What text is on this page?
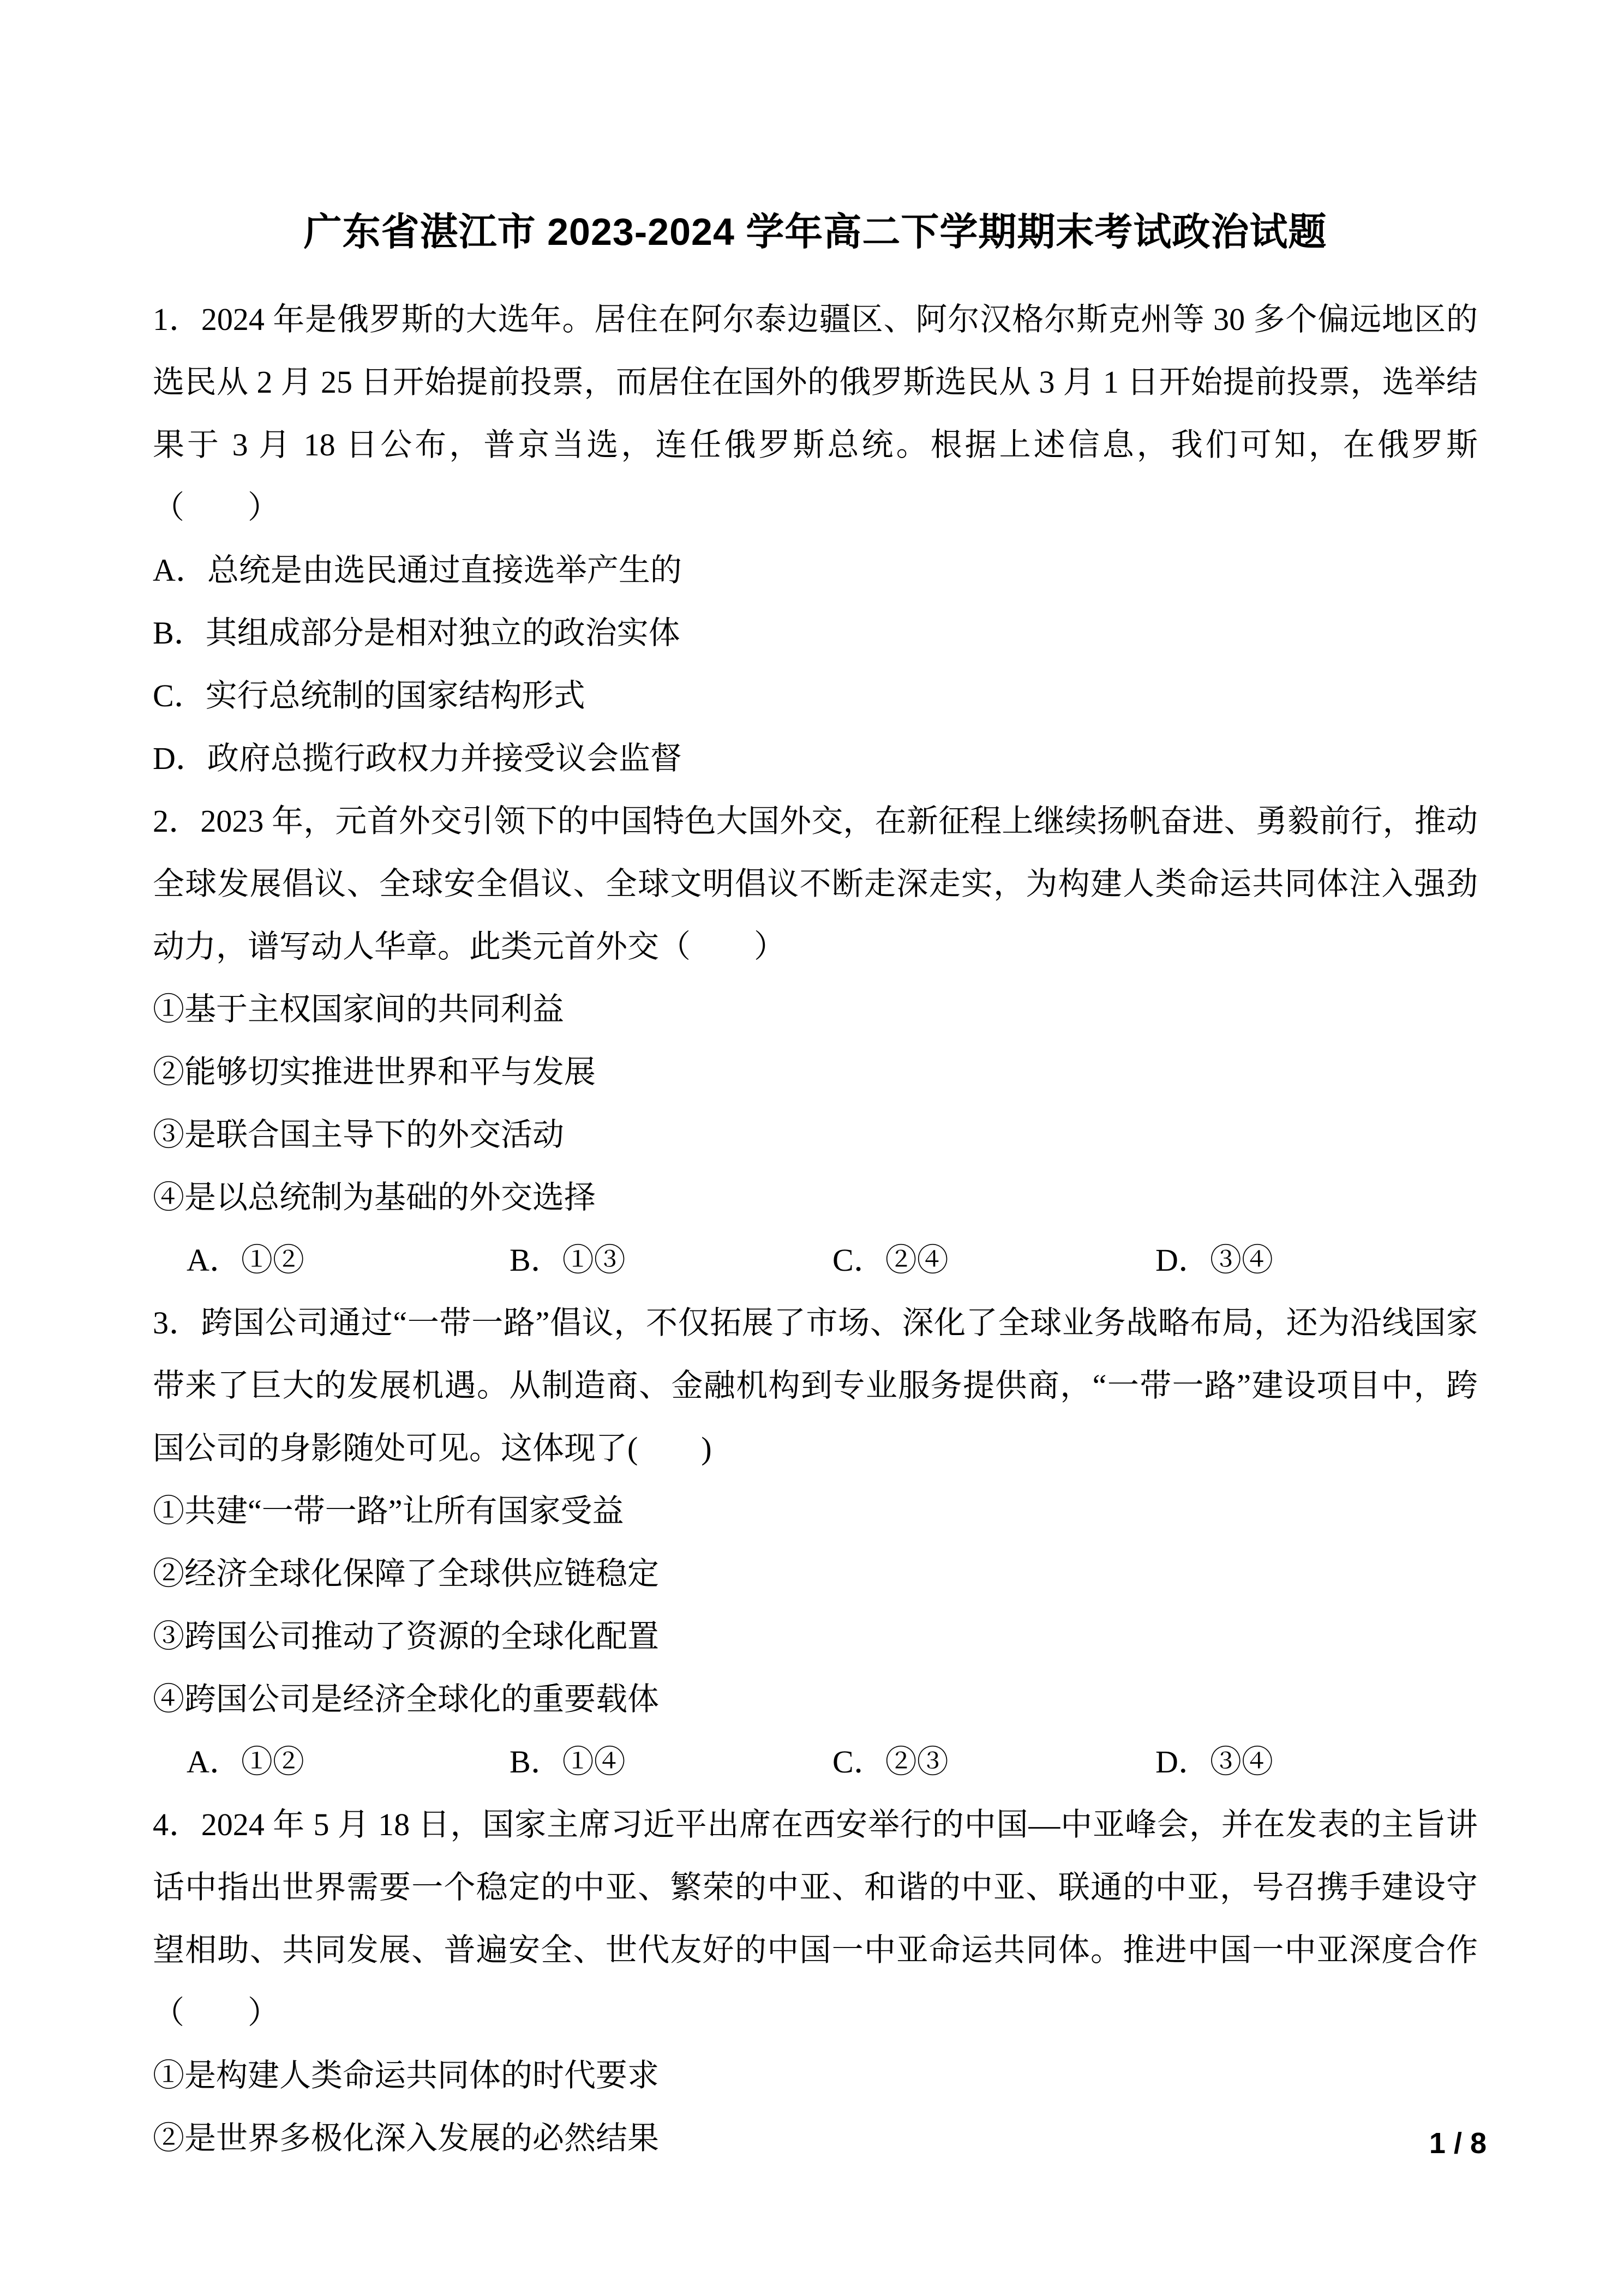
广东省湛江市 2023-2024 学年高二下学期期末考试政治试题

1．2024 年是俄罗斯的大选年。居住在阿尔泰边疆区、阿尔汉格尔斯克州等 30 多个偏远地区的选民从 2 月 25 日开始提前投票，而居住在国外的俄罗斯选民从 3 月 1 日开始提前投票，选举结果于 3 月 18 日公布，普京当选，连任俄罗斯总统。根据上述信息，我们可知，在俄罗斯（　　）

A．总统是由选民通过直接选举产生的

B．其组成部分是相对独立的政治实体

C．实行总统制的国家结构形式

D．政府总揽行政权力并接受议会监督

2．2023 年，元首外交引领下的中国特色大国外交，在新征程上继续扬帆奋进、勇毅前行，推动全球发展倡议、全球安全倡议、全球文明倡议不断走深走实，为构建人类命运共同体注入强劲动力，谱写动人华章。此类元首外交（　　）

①基于主权国家间的共同利益

②能够切实推进世界和平与发展

③是联合国主导下的外交活动

④是以总统制为基础的外交选择

A．①②	B．①③	C．②④	D．③④

3．跨国公司通过“一带一路”倡议，不仅拓展了市场、深化了全球业务战略布局，还为沿线国家带来了巨大的发展机遇。从制造商、金融机构到专业服务提供商，“一带一路”建设项目中，跨国公司的身影随处可见。这体现了(　　)

①共建“一带一路”让所有国家受益

②经济全球化保障了全球供应链稳定

③跨国公司推动了资源的全球化配置

④跨国公司是经济全球化的重要载体

A．①②	B．①④	C．②③	D．③④

4．2024 年 5 月 18 日，国家主席习近平出席在西安举行的中国—中亚峰会，并在发表的主旨讲话中指出世界需要一个稳定的中亚、繁荣的中亚、和谐的中亚、联通的中亚，号召携手建设守望相助、共同发展、普遍安全、世代友好的中国一中亚命运共同体。推进中国一中亚深度合作（　　）

①是构建人类命运共同体的时代要求

②是世界多极化深入发展的必然结果	1 / 8
